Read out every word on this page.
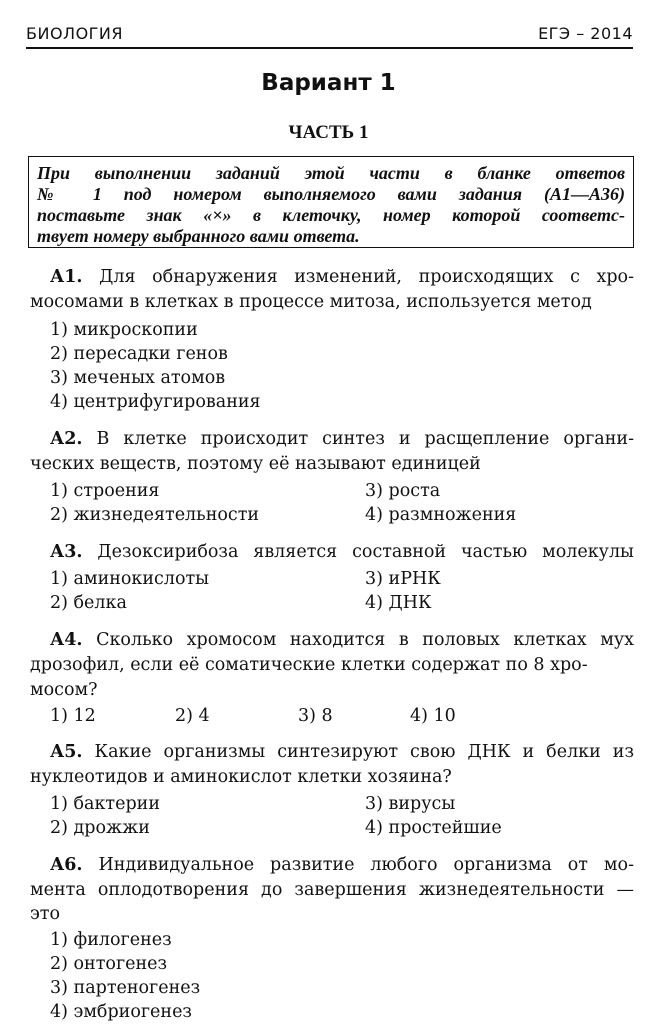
БИОЛОГИЯ	ЕГЭ – 2014
Вариант 1
ЧАСТЬ 1
При выполнении заданий этой части в бланке ответов
№ 1 под номером выполняемого вами задания (А1—А36)
поставьте знак «×» в клеточку, номер которой соответс-
твует номеру выбранного вами ответа.
А1. Для обнаружения изменений, происходящих с хро-
мосомами в клетках в процессе митоза, используется метод
1) микроскопии
2) пересадки генов
3) меченых атомов
4) центрифугирования
А2. В клетке происходит синтез и расщепление органи-
ческих веществ, поэтому её называют единицей
1) строения	3) роста
2) жизнедеятельности	4) размножения
А3. Дезоксирибоза является составной частью молекулы
1) аминокислоты	3) иРНК
2) белка	4) ДНК
А4. Сколько хромосом находится в половых клетках мух
дрозофил, если её соматические клетки содержат по 8 хро-
мосом?
1) 12	2) 4	3) 8	4) 10
А5. Какие организмы синтезируют свою ДНК и белки из
нуклеотидов и аминокислот клетки хозяина?
1) бактерии	3) вирусы
2) дрожжи	4) простейшие
А6. Индивидуальное развитие любого организма от мо-
мента оплодотворения до завершения жизнедеятельности —
это
1) филогенез
2) онтогенез
3) партеногенез
4) эмбриогенез
